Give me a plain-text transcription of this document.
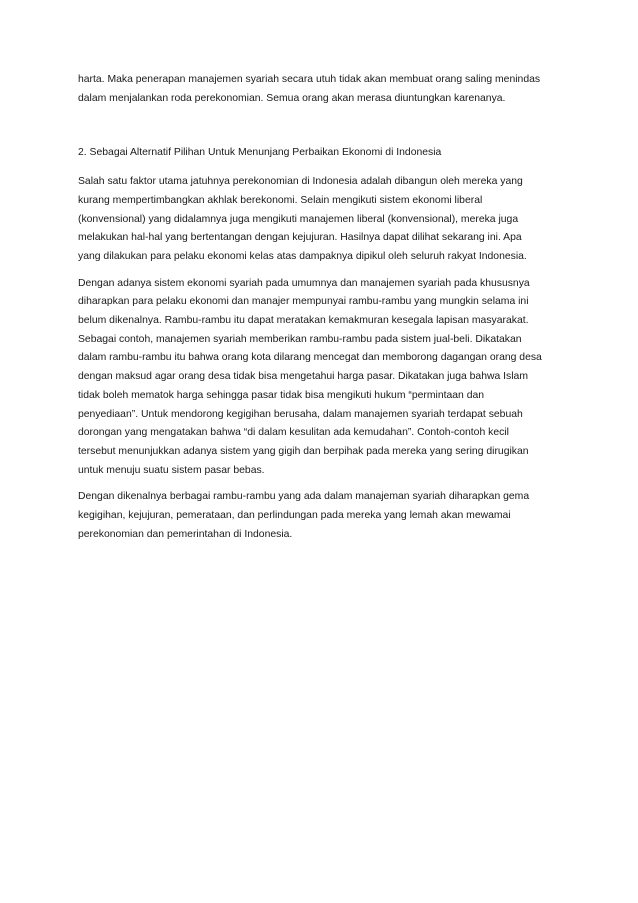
harta. Maka penerapan manajemen syariah secara utuh tidak akan membuat orang saling menindas
dalam menjalankan roda perekonomian. Semua orang akan merasa diuntungkan karenanya.

2. Sebagai Alternatif Pilihan Untuk Menunjang Perbaikan Ekonomi di Indonesia

Salah satu faktor utama jatuhnya perekonomian di Indonesia adalah dibangun oleh mereka yang
kurang mempertimbangkan akhlak berekonomi. Selain mengikuti sistem ekonomi liberal
(konvensional) yang didalamnya juga mengikuti manajemen liberal (konvensional), mereka juga
melakukan hal-hal yang bertentangan dengan kejujuran. Hasilnya dapat dilihat sekarang ini. Apa
yang dilakukan para pelaku ekonomi kelas atas dampaknya dipikul oleh seluruh rakyat Indonesia.

Dengan adanya sistem ekonomi syariah pada umumnya dan manajemen syariah pada khususnya
diharapkan para pelaku ekonomi dan manajer mempunyai rambu-rambu yang mungkin selama ini
belum dikenalnya. Rambu-rambu itu dapat meratakan kemakmuran kesegala lapisan masyarakat.
Sebagai contoh, manajemen syariah memberikan rambu-rambu pada sistem jual-beli. Dikatakan
dalam rambu-rambu itu bahwa orang kota dilarang mencegat dan memborong dagangan orang desa
dengan maksud agar orang desa tidak bisa mengetahui harga pasar. Dikatakan juga bahwa Islam
tidak boleh mematok harga sehingga pasar tidak bisa mengikuti hukum “permintaan dan
penyediaan”. Untuk mendorong kegigihan berusaha, dalam manajemen syariah terdapat sebuah
dorongan yang mengatakan bahwa “di dalam kesulitan ada kemudahan”. Contoh-contoh kecil
tersebut menunjukkan adanya sistem yang gigih dan berpihak pada mereka yang sering dirugikan
untuk menuju suatu sistem pasar bebas.

Dengan dikenalnya berbagai rambu-rambu yang ada dalam manajeman syariah diharapkan gema
kegigihan, kejujuran, pemerataan, dan perlindungan pada mereka yang lemah akan mewamai
perekonomian dan pemerintahan di Indonesia.
